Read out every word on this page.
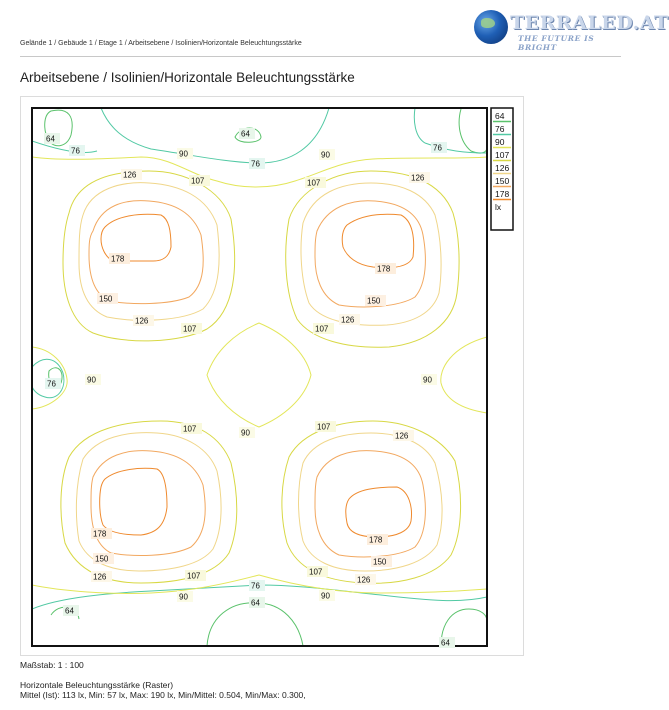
Gelände 1 / Gebäude 1 / Etage 1 / Arbeitsebene / Isolinien/Horizontale Beleuchtungsstärke
TERRALED.AT
THE FUTURE IS BRIGHT
Arbeitsebene / Isolinien/Horizontale Beleuchtungsstärke
64
76
64
90
76
90
76
126
107	107
126
178
178
150	150
126	126
107	107
76	90	90
107	90
107
126
178
178
150	150
126	107	107
126
76
90	90
64
64
64
64
76
90
107
126
150
178
lx
Maßstab: 1 : 100
Horizontale Beleuchtungsstärke (Raster)
Mittel (Ist): 113 lx, Min: 57 lx, Max: 190 lx, Min/Mittel: 0.504, Min/Max: 0.300,
